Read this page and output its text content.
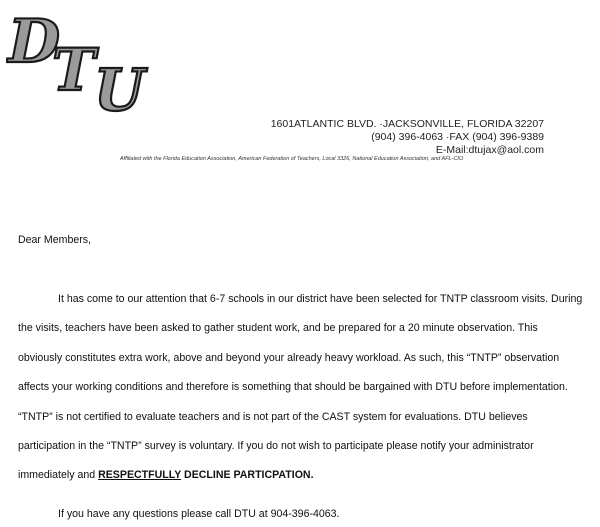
D
T
U	1601ATLANTIC BLVD. ·JACKSONVILLE, FLORIDA 32207
(904) 396-4063 ·FAX (904) 396-9389
E-Mail:dtujax@aol.com
Affiliated with the Florida Education Association, American Federation of Teachers, Local 3326, National Education Association, and AFL-CIO
Dear Members,
It has come to our attention that 6-7 schools in our district have been selected for TNTP classroom visits. During
the visits, teachers have been asked to gather student work, and be prepared for a 20 minute observation. This
obviously constitutes extra work, above and beyond your already heavy workload. As such, this “TNTP” observation
affects your working conditions and therefore is something that should be bargained with DTU before implementation.
“TNTP” is not certified to evaluate teachers and is not part of the CAST system for evaluations. DTU believes
participation in the “TNTP” survey is voluntary. If you do not wish to participate please notify your administrator
immediately and RESPECTFULLY DECLINE PARTICPATION.
If you have any questions please call DTU at 904-396-4063.
